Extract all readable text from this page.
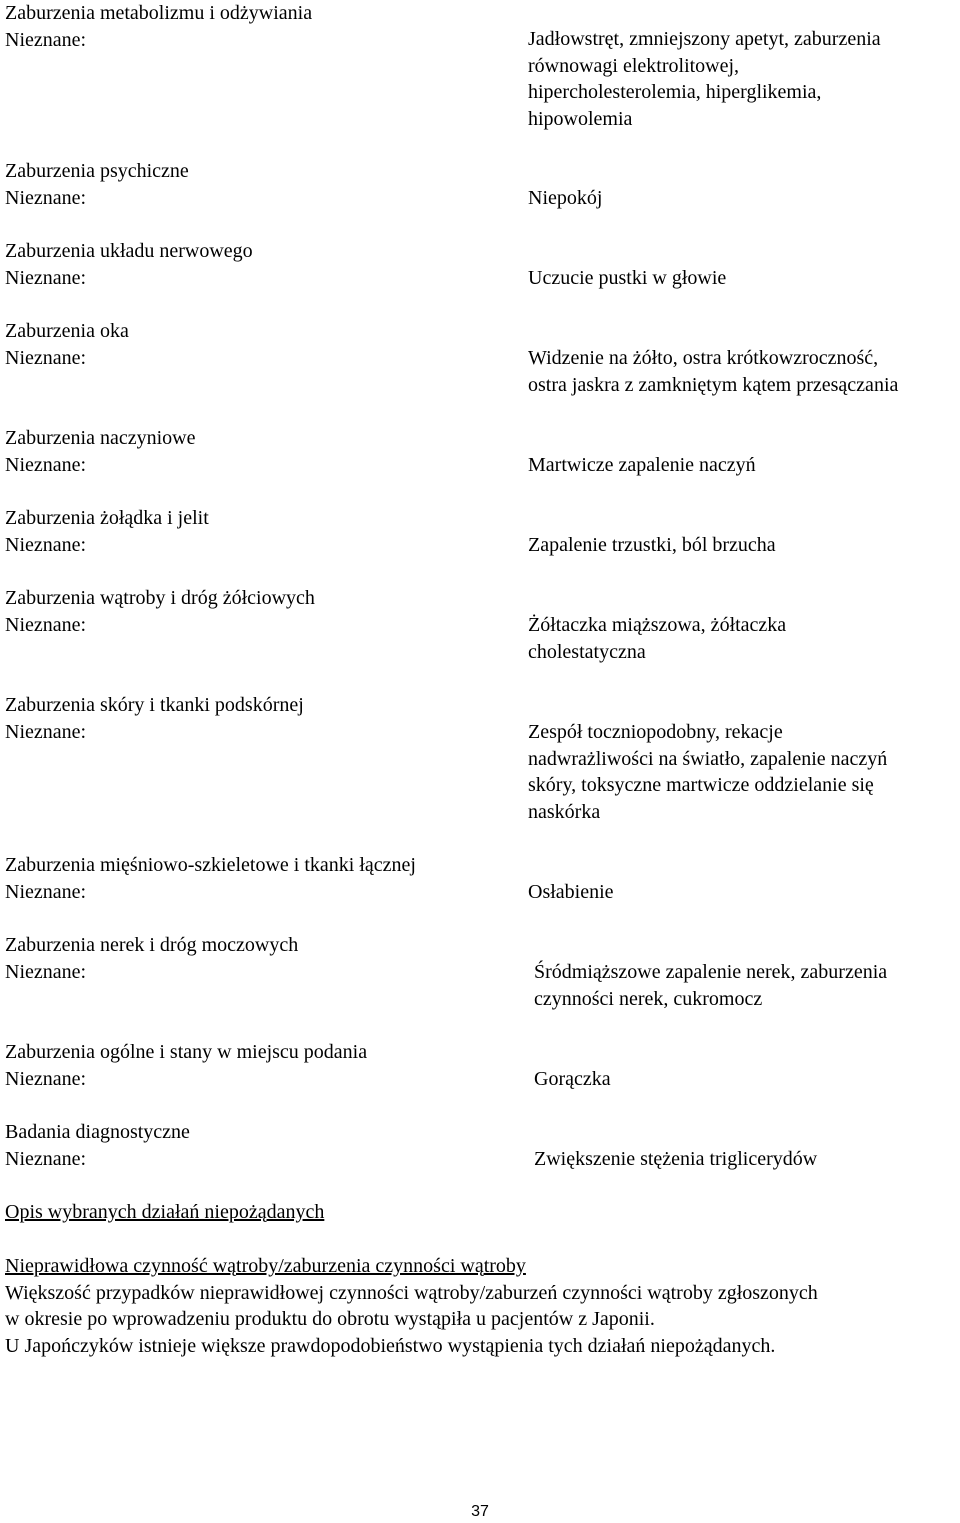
Zaburzenia metabolizmu i odżywiania
Nieznane:	Jadłowstręt, zmniejszony apetyt, zaburzenia
równowagi elektrolitowej,
hipercholesterolemia, hiperglikemia,
hipowolemia
Zaburzenia psychiczne
Nieznane:	Niepokój
Zaburzenia układu nerwowego
Nieznane:	Uczucie pustki w głowie
Zaburzenia oka
Nieznane:	Widzenie na żółto, ostra krótkowzroczność,
ostra jaskra z zamkniętym kątem przesączania
Zaburzenia naczyniowe
Nieznane:	Martwicze zapalenie naczyń
Zaburzenia żołądka i jelit
Nieznane:	Zapalenie trzustki, ból brzucha
Zaburzenia wątroby i dróg żółciowych
Nieznane:	Żółtaczka miąższowa, żółtaczka
cholestatyczna
Zaburzenia skóry i tkanki podskórnej
Nieznane:	Zespół toczniopodobny, rekacje
nadwrażliwości na światło, zapalenie naczyń
skóry, toksyczne martwicze oddzielanie się
naskórka
Zaburzenia mięśniowo-szkieletowe i tkanki łącznej
Nieznane:	Osłabienie
Zaburzenia nerek i dróg moczowych
Nieznane:	Śródmiąższowe zapalenie nerek, zaburzenia
czynności nerek, cukromocz
Zaburzenia ogólne i stany w miejscu podania
Nieznane:	Gorączka
Badania diagnostyczne
Nieznane:	Zwiększenie stężenia triglicerydów
Opis wybranych działań niepożądanych
Nieprawidłowa czynność wątroby/zaburzenia czynności wątroby
Większość przypadków nieprawidłowej czynności wątroby/zaburzeń czynności wątroby zgłoszonych
w okresie po wprowadzeniu produktu do obrotu wystąpiła u pacjentów z Japonii.
U Japończyków istnieje większe prawdopodobieństwo wystąpienia tych działań niepożądanych.
37
